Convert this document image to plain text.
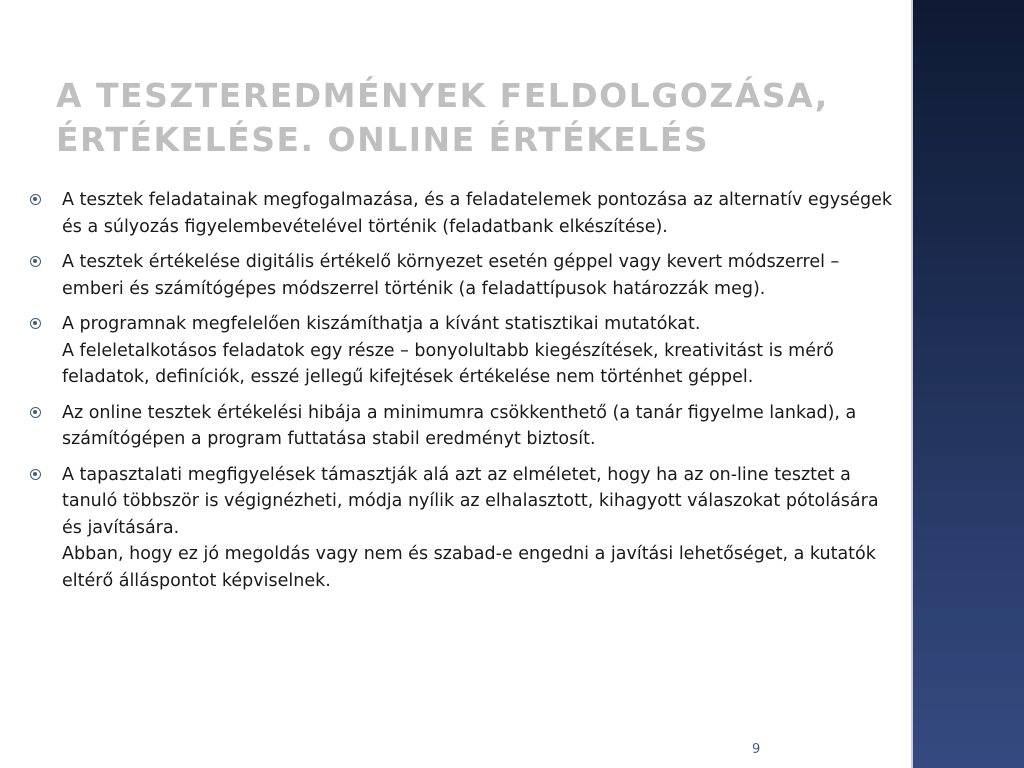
A TESZTEREDMÉNYEK FELDOLGOZÁSA,
ÉRTÉKELÉSE. ONLINE ÉRTÉKELÉS
A tesztek feladatainak megfogalmazása, és a feladatelemek pontozása az alternatív egységek és a súlyozás figyelembevételével történik (feladatbank elkészítése).
A tesztek értékelése digitális értékelő környezet esetén géppel vagy kevert módszerrel – emberi és számítógépes módszerrel történik (a feladattípusok határozzák meg).
A programnak megfelelően kiszámíthatja a kívánt statisztikai mutatókat.
A feleletalkotásos feladatok egy része – bonyolultabb kiegészítések, kreativitást is mérő feladatok, definíciók, esszé jellegű kifejtések értékelése nem történhet géppel.
Az online tesztek értékelési hibája a minimumra csökkenthető (a tanár figyelme lankad), a számítógépen a program futtatása stabil eredményt biztosít.
A tapasztalati megfigyelések támasztják alá azt az elméletet, hogy ha az on-line tesztet a tanuló többször is végignézheti, módja nyílik az elhalasztott, kihagyott válaszokat pótolására és javítására.
Abban, hogy ez jó megoldás vagy nem és szabad-e engedni a javítási lehetőséget, a kutatók eltérő álláspontot képviselnek.
9
